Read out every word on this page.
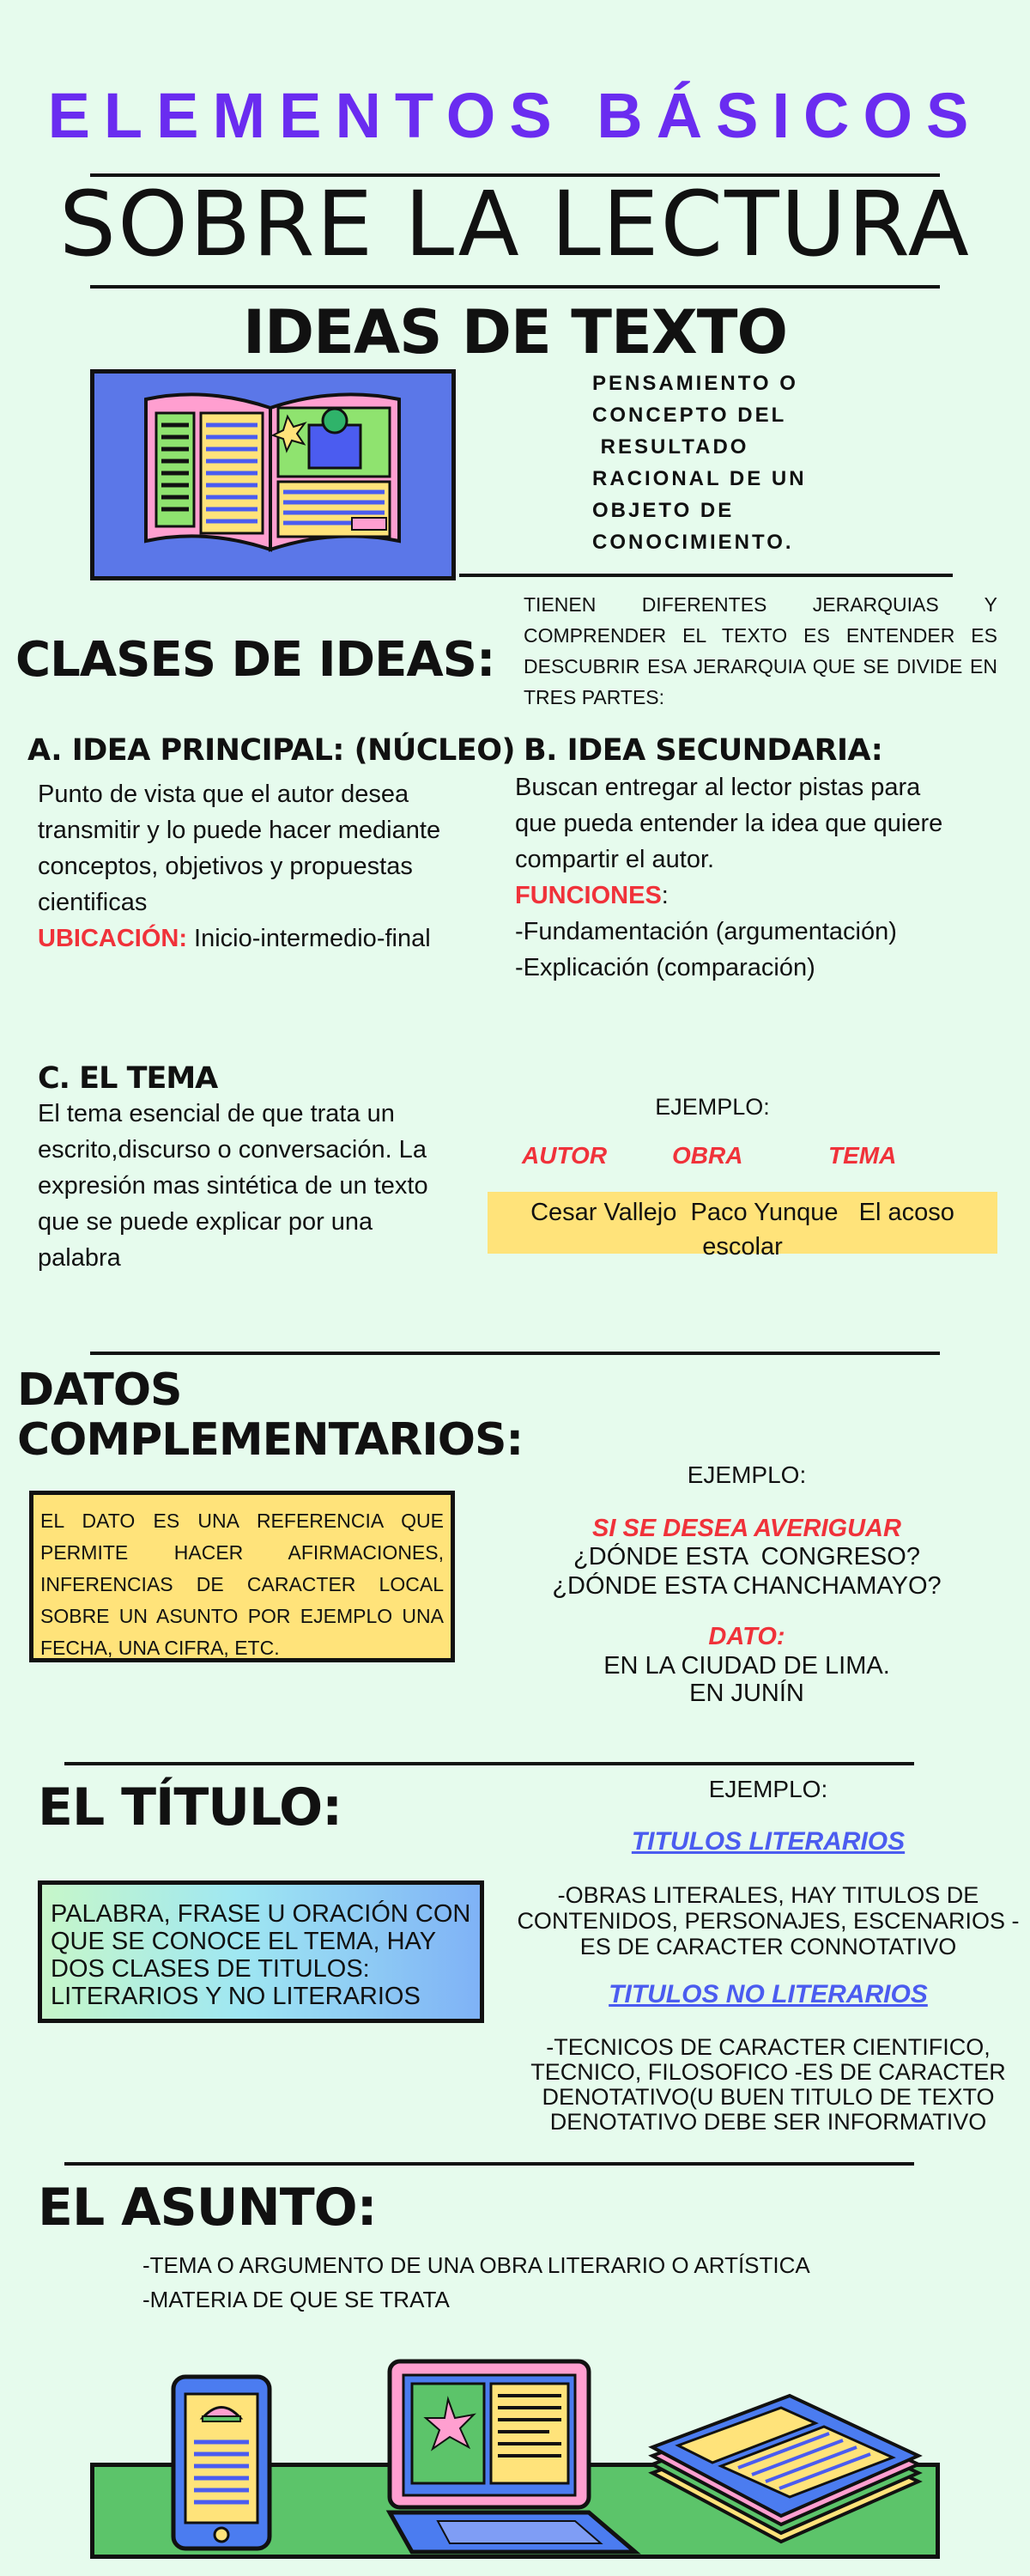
ELEMENTOS BÁSICOS
SOBRE LA LECTURA
IDEAS DE TEXTO
PENSAMIENTO O
CONCEPTO DEL
RESULTADO
RACIONAL DE UN
OBJETO DE
CONOCIMIENTO.
CLASES DE IDEAS:
TIENEN DIFERENTES JERARQUIAS Y COMPRENDER EL TEXTO ES ENTENDER ES DESCUBRIR ESA JERARQUIA QUE SE DIVIDE EN TRES PARTES:
A. IDEA PRINCIPAL: (NÚCLEO)
Punto de vista que el autor desea transmitir y lo puede hacer mediante conceptos, objetivos y propuestas cientificas
UBICACIÓN: Inicio-intermedio-final
B. IDEA SECUNDARIA:
Buscan entregar al lector pistas para que pueda entender la idea que quiere compartir el autor.
FUNCIONES:
-Fundamentación (argumentación)
-Explicación (comparación)
C. EL TEMA
El tema esencial de que trata un escrito,discurso o conversación. La expresión mas sintética de un texto que se puede explicar por una palabra
EJEMPLO:
AUTOR	OBRA	TEMA
Cesar Vallejo  Paco Yunque   El acoso escolar
DATOS
COMPLEMENTARIOS:
EL DATO ES UNA REFERENCIA QUE PERMITE HACER AFIRMACIONES, INFERENCIAS DE CARACTER LOCAL SOBRE UN ASUNTO POR EJEMPLO UNA FECHA, UNA CIFRA, ETC.
EJEMPLO:
SI SE DESEA AVERIGUAR
¿DÓNDE ESTA  CONGRESO?
¿DÓNDE ESTA CHANCHAMAYO?
DATO:
EN LA CIUDAD DE LIMA.
EN JUNÍN
EL TÍTULO:
PALABRA, FRASE U ORACIÓN CON QUE SE CONOCE EL TEMA, HAY DOS CLASES DE TITULOS: LITERARIOS Y NO LITERARIOS
EJEMPLO:
TITULOS LITERARIOS
-OBRAS LITERALES, HAY TITULOS DE CONTENIDOS, PERSONAJES, ESCENARIOS -ES DE CARACTER CONNOTATIVO
TITULOS NO LITERARIOS
-TECNICOS DE CARACTER CIENTIFICO, TECNICO, FILOSOFICO -ES DE CARACTER DENOTATIVO(U BUEN TITULO DE TEXTO DENOTATIVO DEBE SER INFORMATIVO
EL ASUNTO:
-TEMA O ARGUMENTO DE UNA OBRA LITERARIO O ARTÍSTICA
-MATERIA DE QUE SE TRATA
